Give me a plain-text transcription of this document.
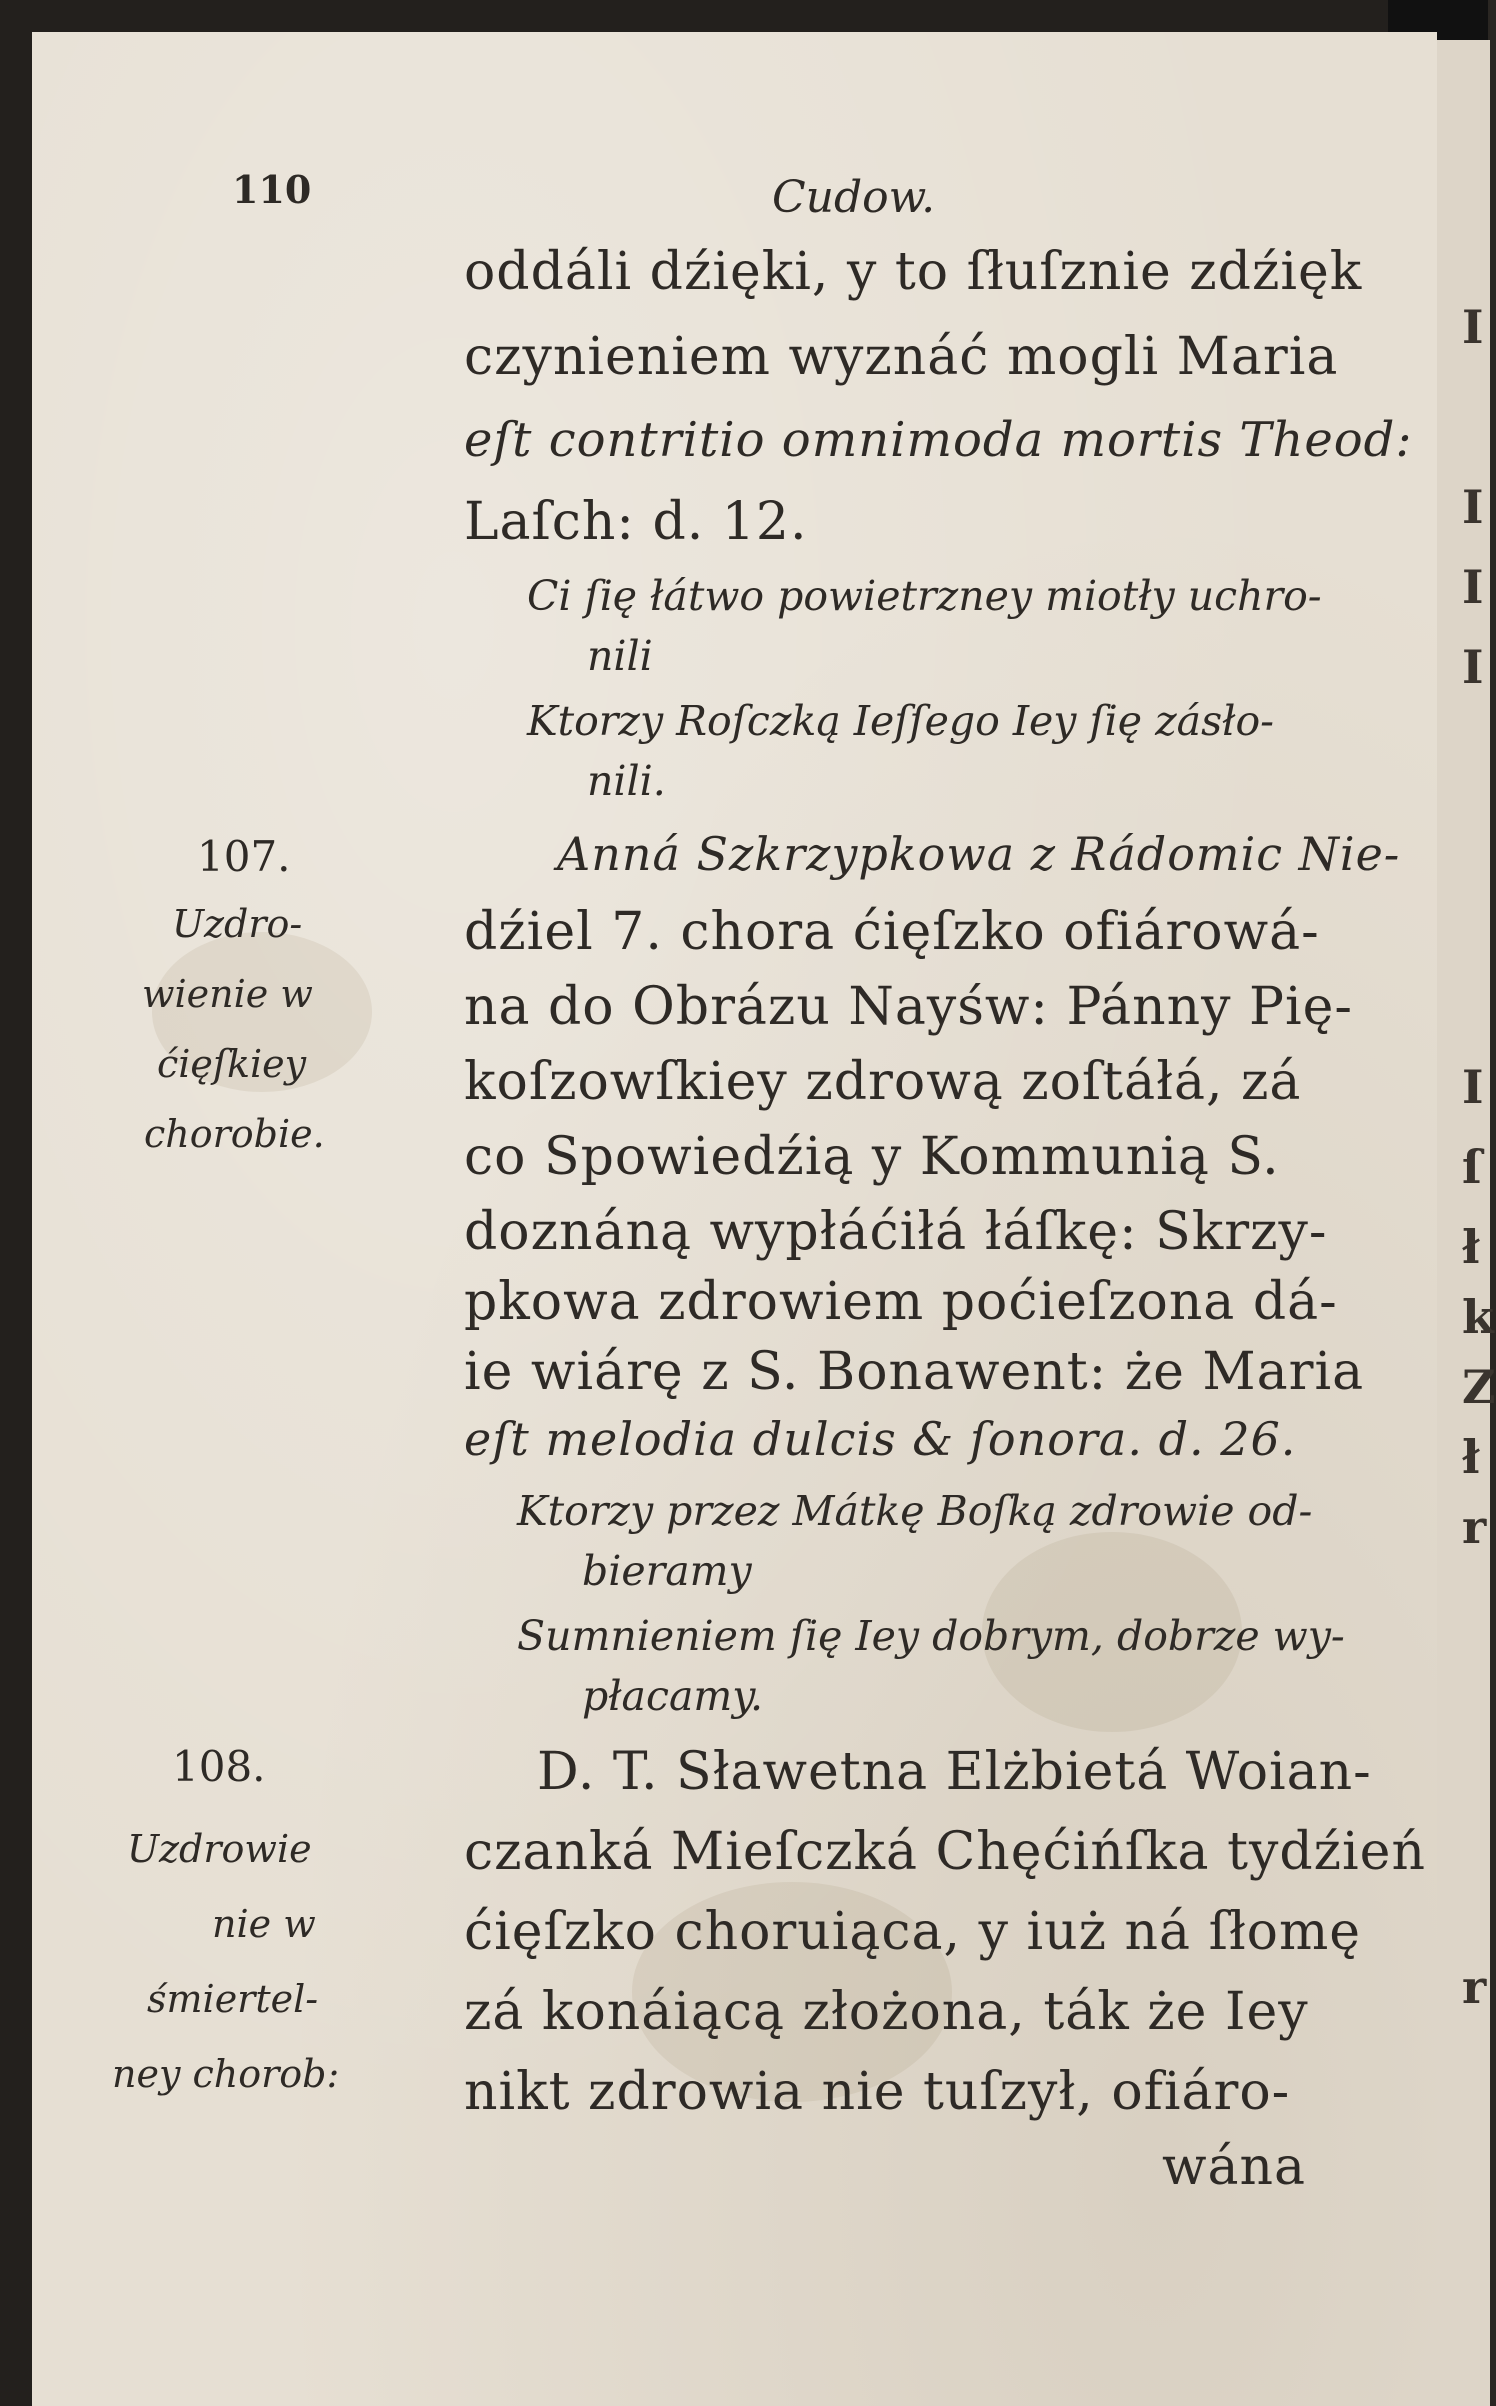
I
I
I
I
I
ſ
ł
k
Z
ł
r
r

110	Cudow.

oddáli dźięki, y to ſłuſznie zdźięk

czynieniem wyznáć mogli Maria

eſt contritio omnimoda mortis Theod:

Laſch: d. 12.

Ci ſię łátwo powietrzney miotły uchro-

nili

Ktorzy Roſczką Ieſſego Iey ſię zásło-

nili.

Anná Szkrzypkowa z Rádomic Nie-

dźiel 7. chora ćięſzko ofiárowá-

na do Obrázu Nayśw: Pánny Pię-

koſzowſkiey zdrową zoſtáłá, zá

co Spowiedźią y Kommunią S.

doznáną wypłáćiłá łáſkę: Skrzy-

pkowa zdrowiem poćieſzona dá-

ie wiárę z S. Bonawent: że Maria

eſt melodia dulcis & ſonora. d. 26.

Ktorzy przez Mátkę Boſką zdrowie od-

bieramy

Sumnieniem ſię Iey dobrym, dobrze wy-

płacamy.

D. T. Sławetna Elżbietá Woian-

czanká Mieſczká Chęćińſka tydźień

ćięſzko choruiąca, y iuż ná ſłomę

zá konáiącą złożona, ták że Iey

nikt zdrowia nie tuſzył, ofiáro-

wána

107.

Uzdro-

wienie w

ćięſkiey

chorobie.

108.

Uzdrowie

nie w

śmiertel-

ney chorob:
